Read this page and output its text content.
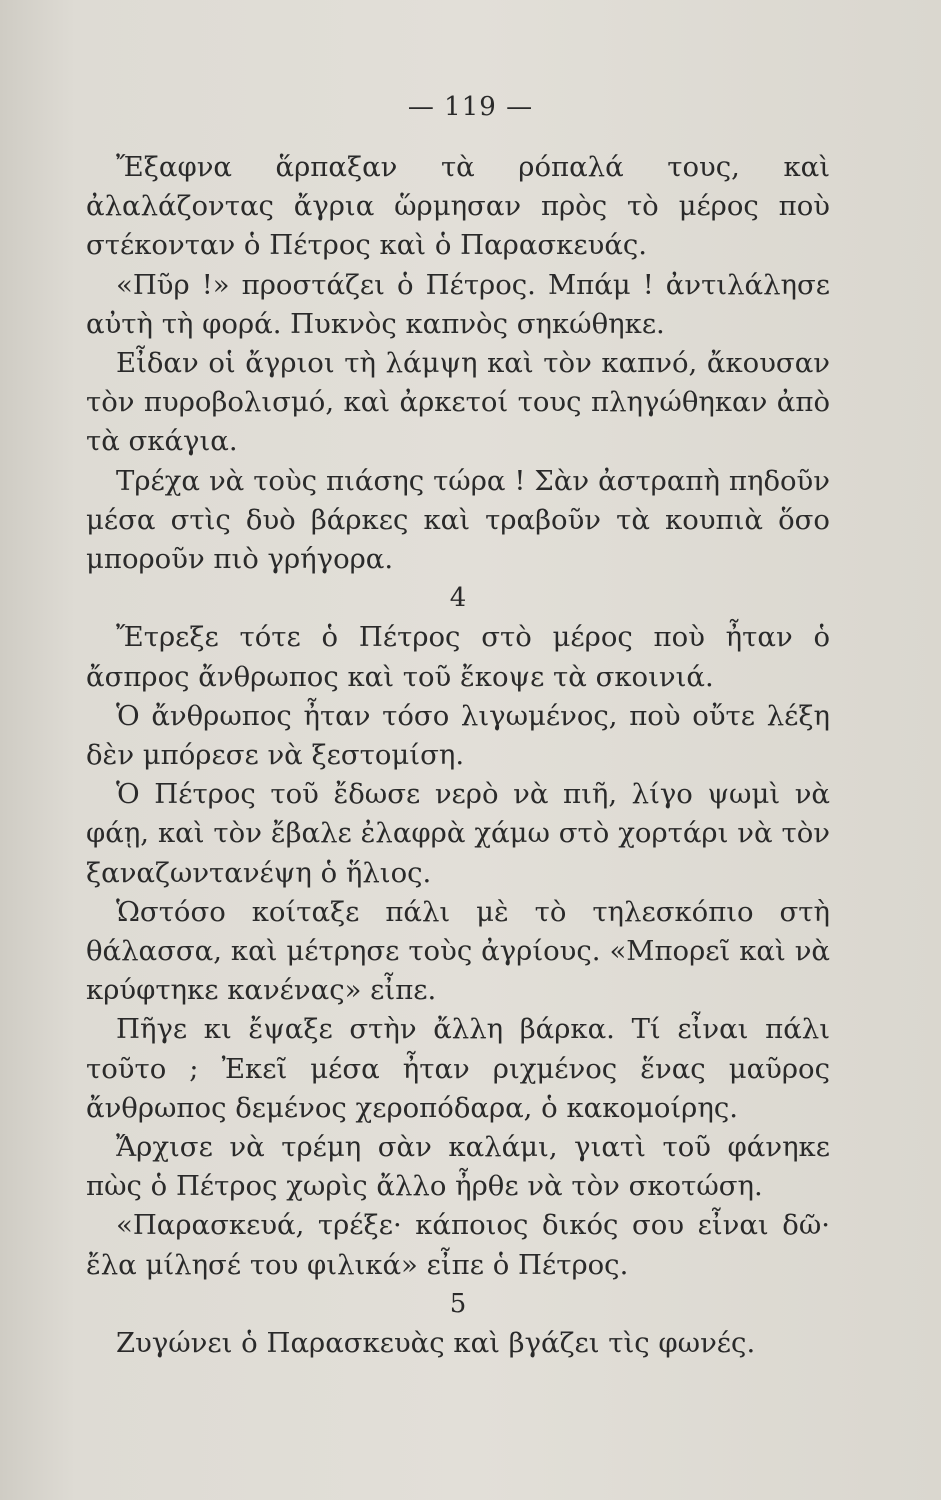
— 119 —

Ἔξαφνα ἅρπαξαν τὰ ρόπαλά τους, καὶ ἀλαλάζοντας ἄγρια ὥρμησαν πρὸς τὸ μέρος ποὺ στέκονταν ὁ Πέτρος καὶ ὁ Παρασκευάς.

«Πῦρ !» προστάζει ὁ Πέτρος. Μπάμ ! ἀντιλάλησε αὐτὴ τὴ φορά. Πυκνὸς καπνὸς σηκώθηκε.

Εἶδαν οἱ ἄγριοι τὴ λάμψη καὶ τὸν καπνό, ἄκουσαν τὸν πυροβολισμό, καὶ ἀρκετοί τους πληγώθηκαν ἀπὸ τὰ σκάγια.

Τρέχα νὰ τοὺς πιάσης τώρα ! Σὰν ἀστραπὴ πηδοῦν μέσα στὶς δυὸ βάρκες καὶ τραβοῦν τὰ κουπιὰ ὅσο μποροῦν πιὸ γρήγορα.

4

Ἔτρεξε τότε ὁ Πέτρος στὸ μέρος ποὺ ἦταν ὁ ἄσπρος ἄνθρωπος καὶ τοῦ ἔκοψε τὰ σκοινιά.

Ὁ ἄνθρωπος ἦταν τόσο λιγωμένος, ποὺ οὔτε λέξη δὲν μπόρεσε νὰ ξεστομίση.

Ὁ Πέτρος τοῦ ἔδωσε νερὸ νὰ πιῆ, λίγο ψωμὶ νὰ φάῃ, καὶ τὸν ἔβαλε ἐλαφρὰ χάμω στὸ χορτάρι νὰ τὸν ξαναζωντανέψη ὁ ἥλιος.

Ὡστόσο κοίταξε πάλι μὲ τὸ τηλεσκόπιο στὴ θάλασσα, καὶ μέτρησε τοὺς ἀγρίους. «Μπορεῖ καὶ νὰ κρύφτηκε κανένας» εἶπε.

Πῆγε κι ἔψαξε στὴν ἄλλη βάρκα. Τί εἶναι πάλι τοῦτο ; Ἐκεῖ μέσα ἦταν ριχμένος ἕνας μαῦρος ἄνθρωπος δεμένος χεροπόδαρα, ὁ κακομοίρης.

Ἄρχισε νὰ τρέμη σὰν καλάμι, γιατὶ τοῦ φάνηκε πὼς ὁ Πέτρος χωρὶς ἄλλο ἦρθε νὰ τὸν σκοτώση.

«Παρασκευά, τρέξε· κάποιος δικός σου εἶναι δῶ· ἔλα μίλησέ του φιλικά» εἶπε ὁ Πέτρος.

5

Ζυγώνει ὁ Παρασκευὰς καὶ βγάζει τὶς φωνές.
